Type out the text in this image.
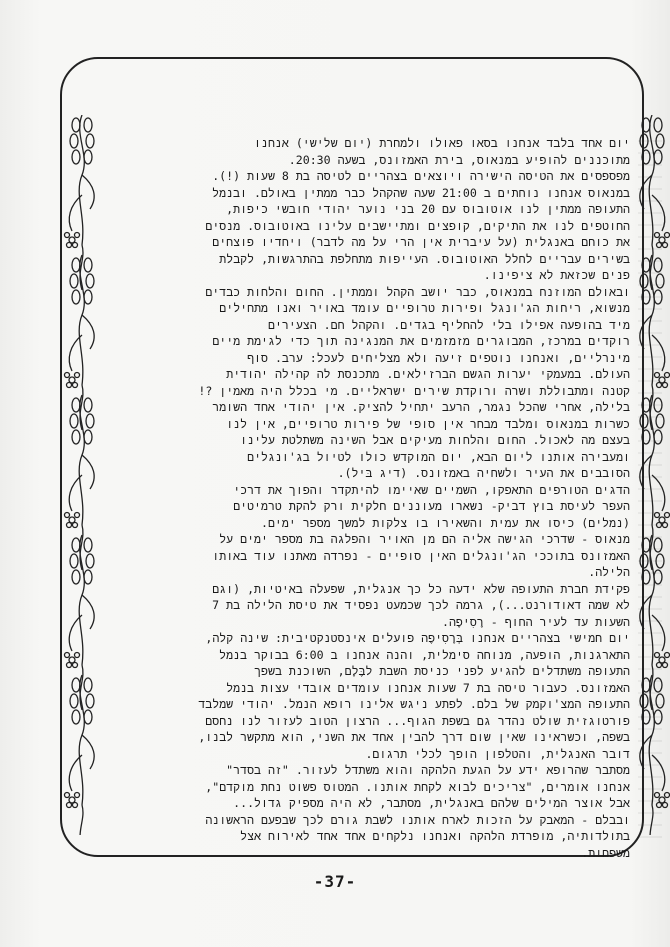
יום אחד בלבד אנחנו בסאו פאולו ולמחרת (יום שלישי) אנחנו
מתוכננים להופיע במנאוס, בירת האמזונס, בשעה 20:30.
מפספסים את הטיסה הישירה ויוצאים בצהריים לטיסה בת 8 שעות (!).
במנאוס אנחנו נוחתים ב 21:00 שעה שהקהל כבר ממתין באולם. ובנמל
התעופה ממתין לנו אוטובוס עם 20 בני נוער יהודי חובשי כיפות,
החוטפים לנו את התיקים, קופצים ומתיישבים עלינו באוטובוס. מנסים
את כוחם באנגלית (על עיברית אין הרי על מה לדבר) ויחדיו פוצחים
בשירים עבריים לחלל האוטובוס. העייפות מתחלפת בהתרגשות, לקבלת
פנים שכזאת לא ציפינו.
ובאולם המוזנח במנאוס, כבר יושב הקהל וממתין. החום והלחות כבדים
מנשוא, ריחות הג'ונגל ופירות טרופיים עומד באויר ואנו מתחילים
מיד בהופעה אפילו בלי להחליף בגדים. והקהל חם. הצעירים
רוקדים במרכז, המבוגרים מזמזמים את המנגינה תוך כדי לגימת מיים
מינרליים, ואנחנו נוטפים זיעה ולא מצליחים לעכל: ערב. סוף
העולם. במעמקי יערות הגשם הברזילאים. מתכנסת לה קהילה יהודית
קטנה ומתבוללת ושרה ורוקדת שירים ישראליים. מי בכלל היה מאמין ?!
בלילה, אחרי שהכל נגמר, הרעב יתחיל להציק. אין יהודי אחד השומר
כשרות במנאוס ומלבד מבחר אין סופי של פירות טרופיים, אין לנו
בעצם מה לאכול. החום והלחות מעיקים אבל השינה משתלטת עלינו
ומעבירה אותנו ליום הבא, יום המוקדש כולו לטיול בג'ונגלים
הסובבים את העיר ולשחיה באמזונס. (דיג בּיל).
הדגים הטורפים התאפקו, השמיים שאיימו להיתקדר והפוך את דרכי
העפר לעיסת בוץ דביק- נשארו מעוננים חלקית ורק להקת טרמיטים
(נמלים) כיסו את עמית והשאירו בו צלקות למשך מספר ימים.
מנאוס - שדרכי הגישה אליה הם מן האויר והפלגה בת מספר ימים על
האמזונס בתוככי הג'ונגלים האין סופיים - נפרדה מאתנו עוד באותו
הלילה.
פקידת חברת התעופה שלא ידעה כל כך אנגלית, שפעלה באיטיות, (וגם
לא שמה דאודורנט...), גרמה לכך שכמעט נפסיד את טיסת הלילה בת 7
השעות עד לעיר החוף - רֶסִיפֶה.
יום חמישי בצהריים אנחנו בְּרֶסִיפֶה פועלים אינסטנקטיבית: שינה קלה,
התארגנות, הופעה, מנוחה סימלית, והנה אנחנו ב 6:00 בבוקר בנמל
התעופה משתדלים להגיע לפני כניסת השבת לבֶּלֶם, השוכנת בשפך
האמזונס. כעבור טיסה בת 7 שעות אנחנו עומדים אובדי עצות בנמל
התעופה המצ'וקמק של בלם. לפתע ניגש אלינו רופא הנמל. יהודי שמלבד
פורטוגזית שולט נהדר גם בשפת הגוף... הרצון הטוב לעזור לנו נחסם
בשפה, וכשראינו שאין שום דרך להבין אחד את השני, הוא מתקשר לבנו,
דובר האנגלית, והטלפון הופך לכלי תרגום.
מסתבר שהרופא ידע על הגעת הלהקה והוא משתדל לעזור. "זה בסדר"
אנחנו אומרים, "צריכים לבוא לקחת אותנו. המטוס פשוט נחת מוקדם",
אבל אוצר המילים שלהם באנגלית, מסתבר, לא היה מספיק גדול...
ובבלם - המאבק על הזכות לארח אותנו לשבת גורם לכך שבפעם הראשונה
בתולדותיה, מופרדת הלהקה ואנחנו נלקחים אחד אחד לאירוח אצל
משפחות.
-37-
